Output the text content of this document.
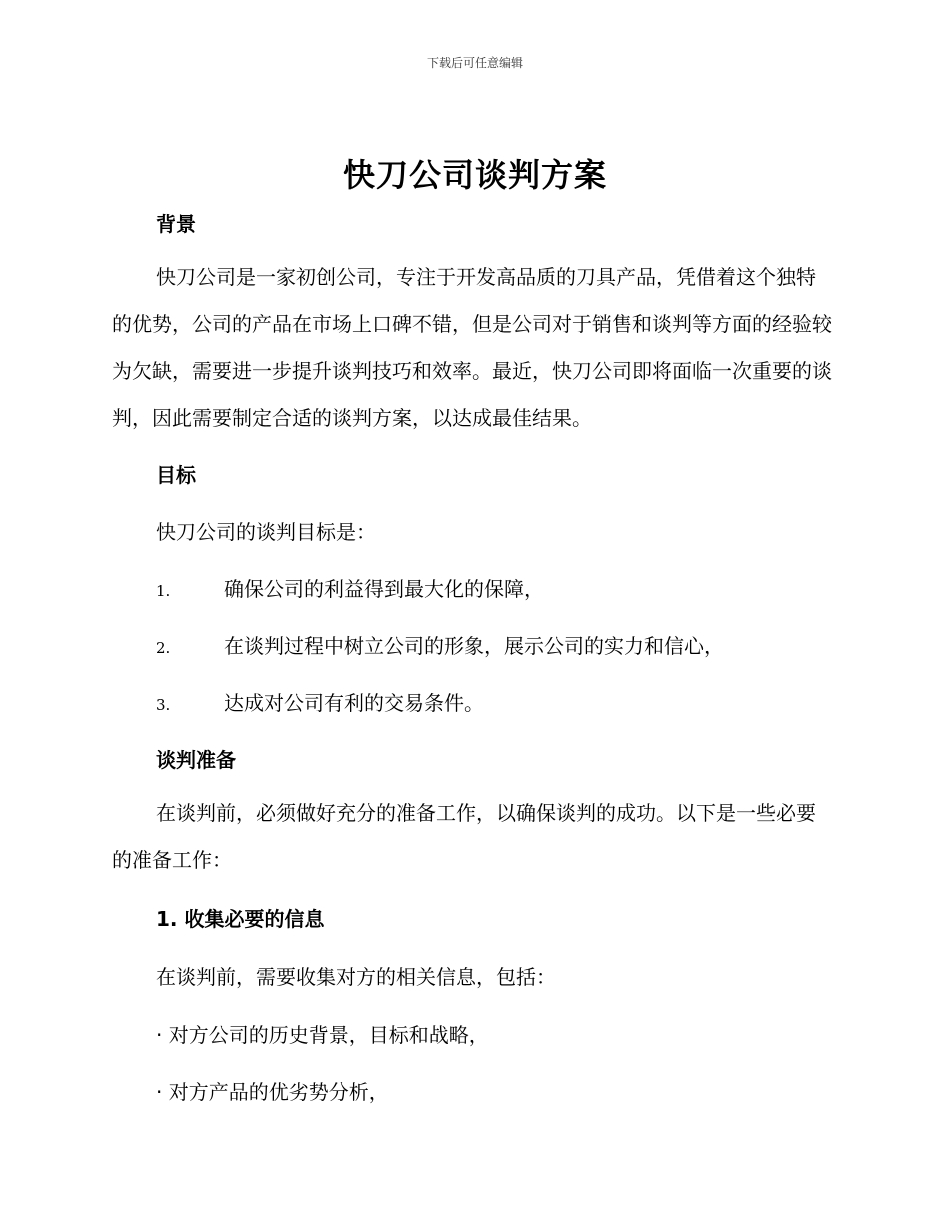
下载后可任意编辑
快刀公司谈判方案
背景

快刀公司是一家初创公司，专注于开发高品质的刀具产品，凭借着这个独特的优势，公司的产品在市场上口碑不错，但是公司对于销售和谈判等方面的经验较为欠缺，需要进一步提升谈判技巧和效率。最近，快刀公司即将面临一次重要的谈判，因此需要制定合适的谈判方案，以达成最佳结果。

目标
快刀公司的谈判目标是：
1.	确保公司的利益得到最大化的保障，
2.	在谈判过程中树立公司的形象，展示公司的实力和信心，
3.	达成对公司有利的交易条件。
谈判准备

在谈判前，必须做好充分的准备工作，以确保谈判的成功。以下是一些必要的准备工作：

1. 收集必要的信息
在谈判前，需要收集对方的相关信息，包括：
· 对方公司的历史背景，目标和战略，
· 对方产品的优劣势分析，
